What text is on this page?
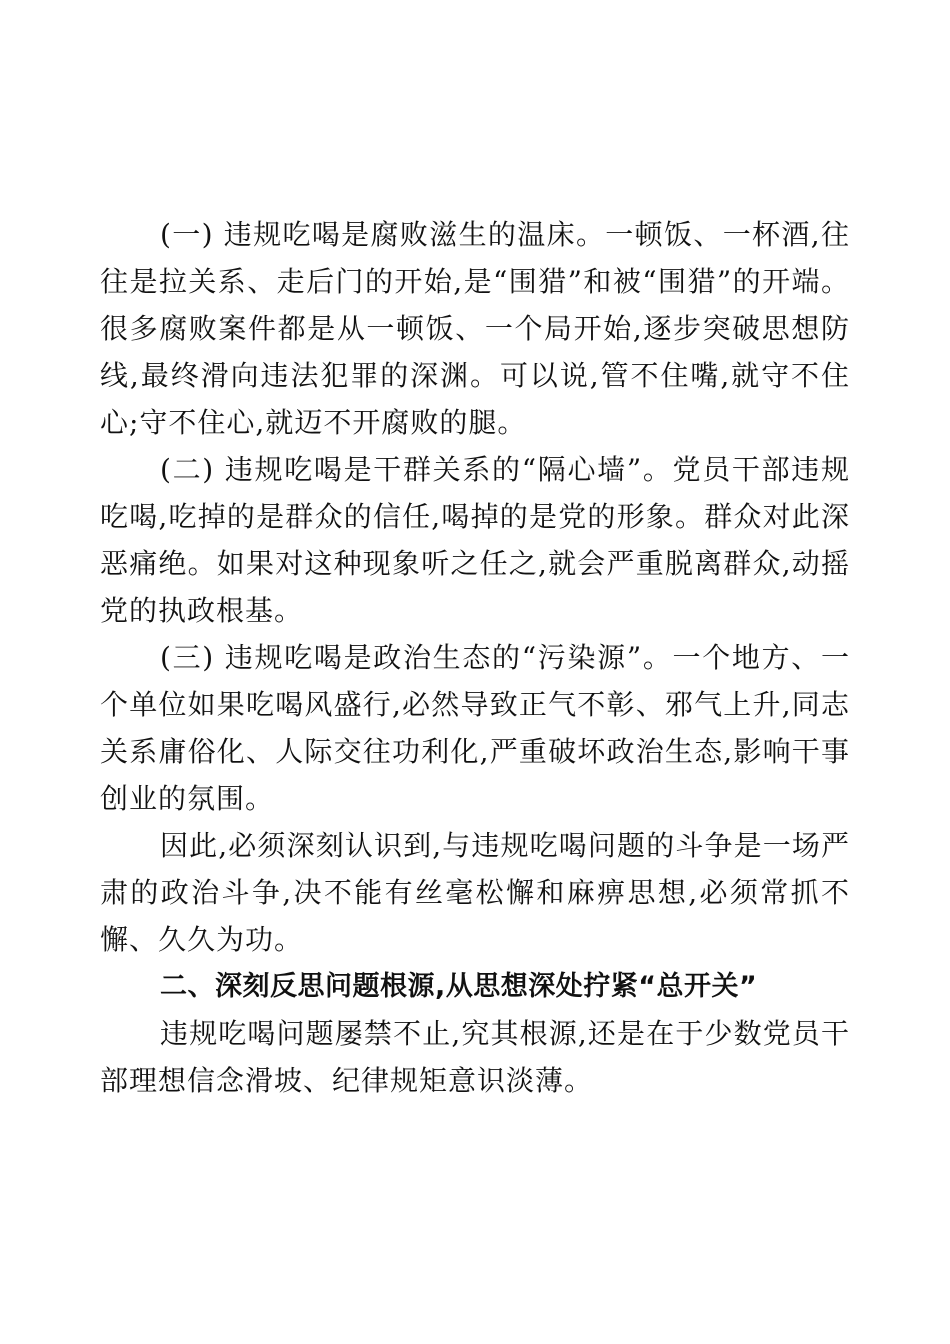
(一) 违规吃喝是腐败滋生的温床。一顿饭、一杯酒,往往是拉关系、走后门的开始,是“围猎”和被“围猎”的开端。很多腐败案件都是从一顿饭、一个局开始,逐步突破思想防线,最终滑向违法犯罪的深渊。可以说,管不住嘴,就守不住心;守不住心,就迈不开腐败的腿。

(二) 违规吃喝是干群关系的“隔心墙”。党员干部违规吃喝,吃掉的是群众的信任,喝掉的是党的形象。群众对此深恶痛绝。如果对这种现象听之任之,就会严重脱离群众,动摇党的执政根基。

(三) 违规吃喝是政治生态的“污染源”。一个地方、一个单位如果吃喝风盛行,必然导致正气不彰、邪气上升,同志关系庸俗化、人际交往功利化,严重破坏政治生态,影响干事创业的氛围。

因此,必须深刻认识到,与违规吃喝问题的斗争是一场严肃的政治斗争,决不能有丝毫松懈和麻痹思想,必须常抓不懈、久久为功。

二、深刻反思问题根源,从思想深处拧紧“总开关”

违规吃喝问题屡禁不止,究其根源,还是在于少数党员干部理想信念滑坡、纪律规矩意识淡薄。
